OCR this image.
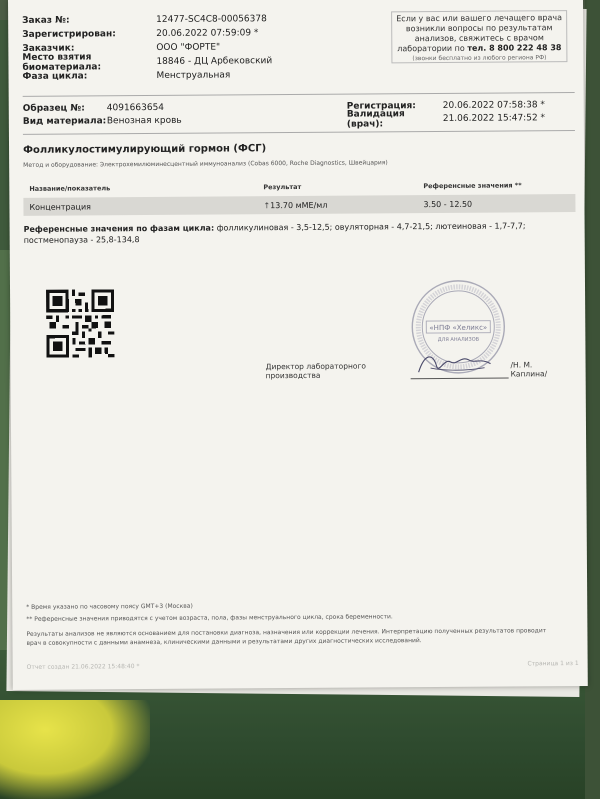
Заказ №:	12477-SC4C8-00056378
Зарегистрирован:	20.06.2022 07:59:09 *
Заказчик:	ООО "ФОРТЕ"
Место взятия биоматериала:
18846 - ДЦ Арбековский
Фаза цикла:	Менструальная
Если у вас или вашего лечащего врача
возникли вопросы по результатам
анализов, свяжитесь с врачом
лаборатории по тел. 8 800 222 48 38
(звонки бесплатно из любого региона РФ)
Образец №:	4091663654	Регистрация:	20.06.2022 07:58:38 *
Вид материала: Венозная кровь
Валидация (врач):
21.06.2022 15:47:52 *
Фолликулостимулирующий гормон (ФСГ)
Метод и оборудование: Электрохемилюминесцентный иммуноанализ (Cobas 6000, Roche Diagnostics, Швейцария)
Название/показатель	Результат	Референсные значения **
Концентрация	↑13.70 мМЕ/мл	3.50 - 12.50
Референсные значения по фазам цикла: фолликулиновая - 3,5-12,5; овуляторная - 4,7-21,5; лютеиновая - 1,7-7,7; постменопауза - 25,8-134,8
«НПФ «Хеликс»
ДЛЯ АНАЛИЗОВ
Директор лабораторного производства
/Н. М. Каплина/
* Время указано по часовому поясу GMT+3 (Москва)
** Референсные значения приводятся с учетом возраста, пола, фазы менструального цикла, срока беременности.
Результаты анализов не являются основанием для постановки диагноза, назначения или коррекции лечения. Интерпретацию полученных результатов проводит
врач в совокупности с данными анамнеза, клиническими данными и результатами других диагностических исследований.
Отчет создан 21.06.2022 15:48:40 *	Страница 1 из 1
